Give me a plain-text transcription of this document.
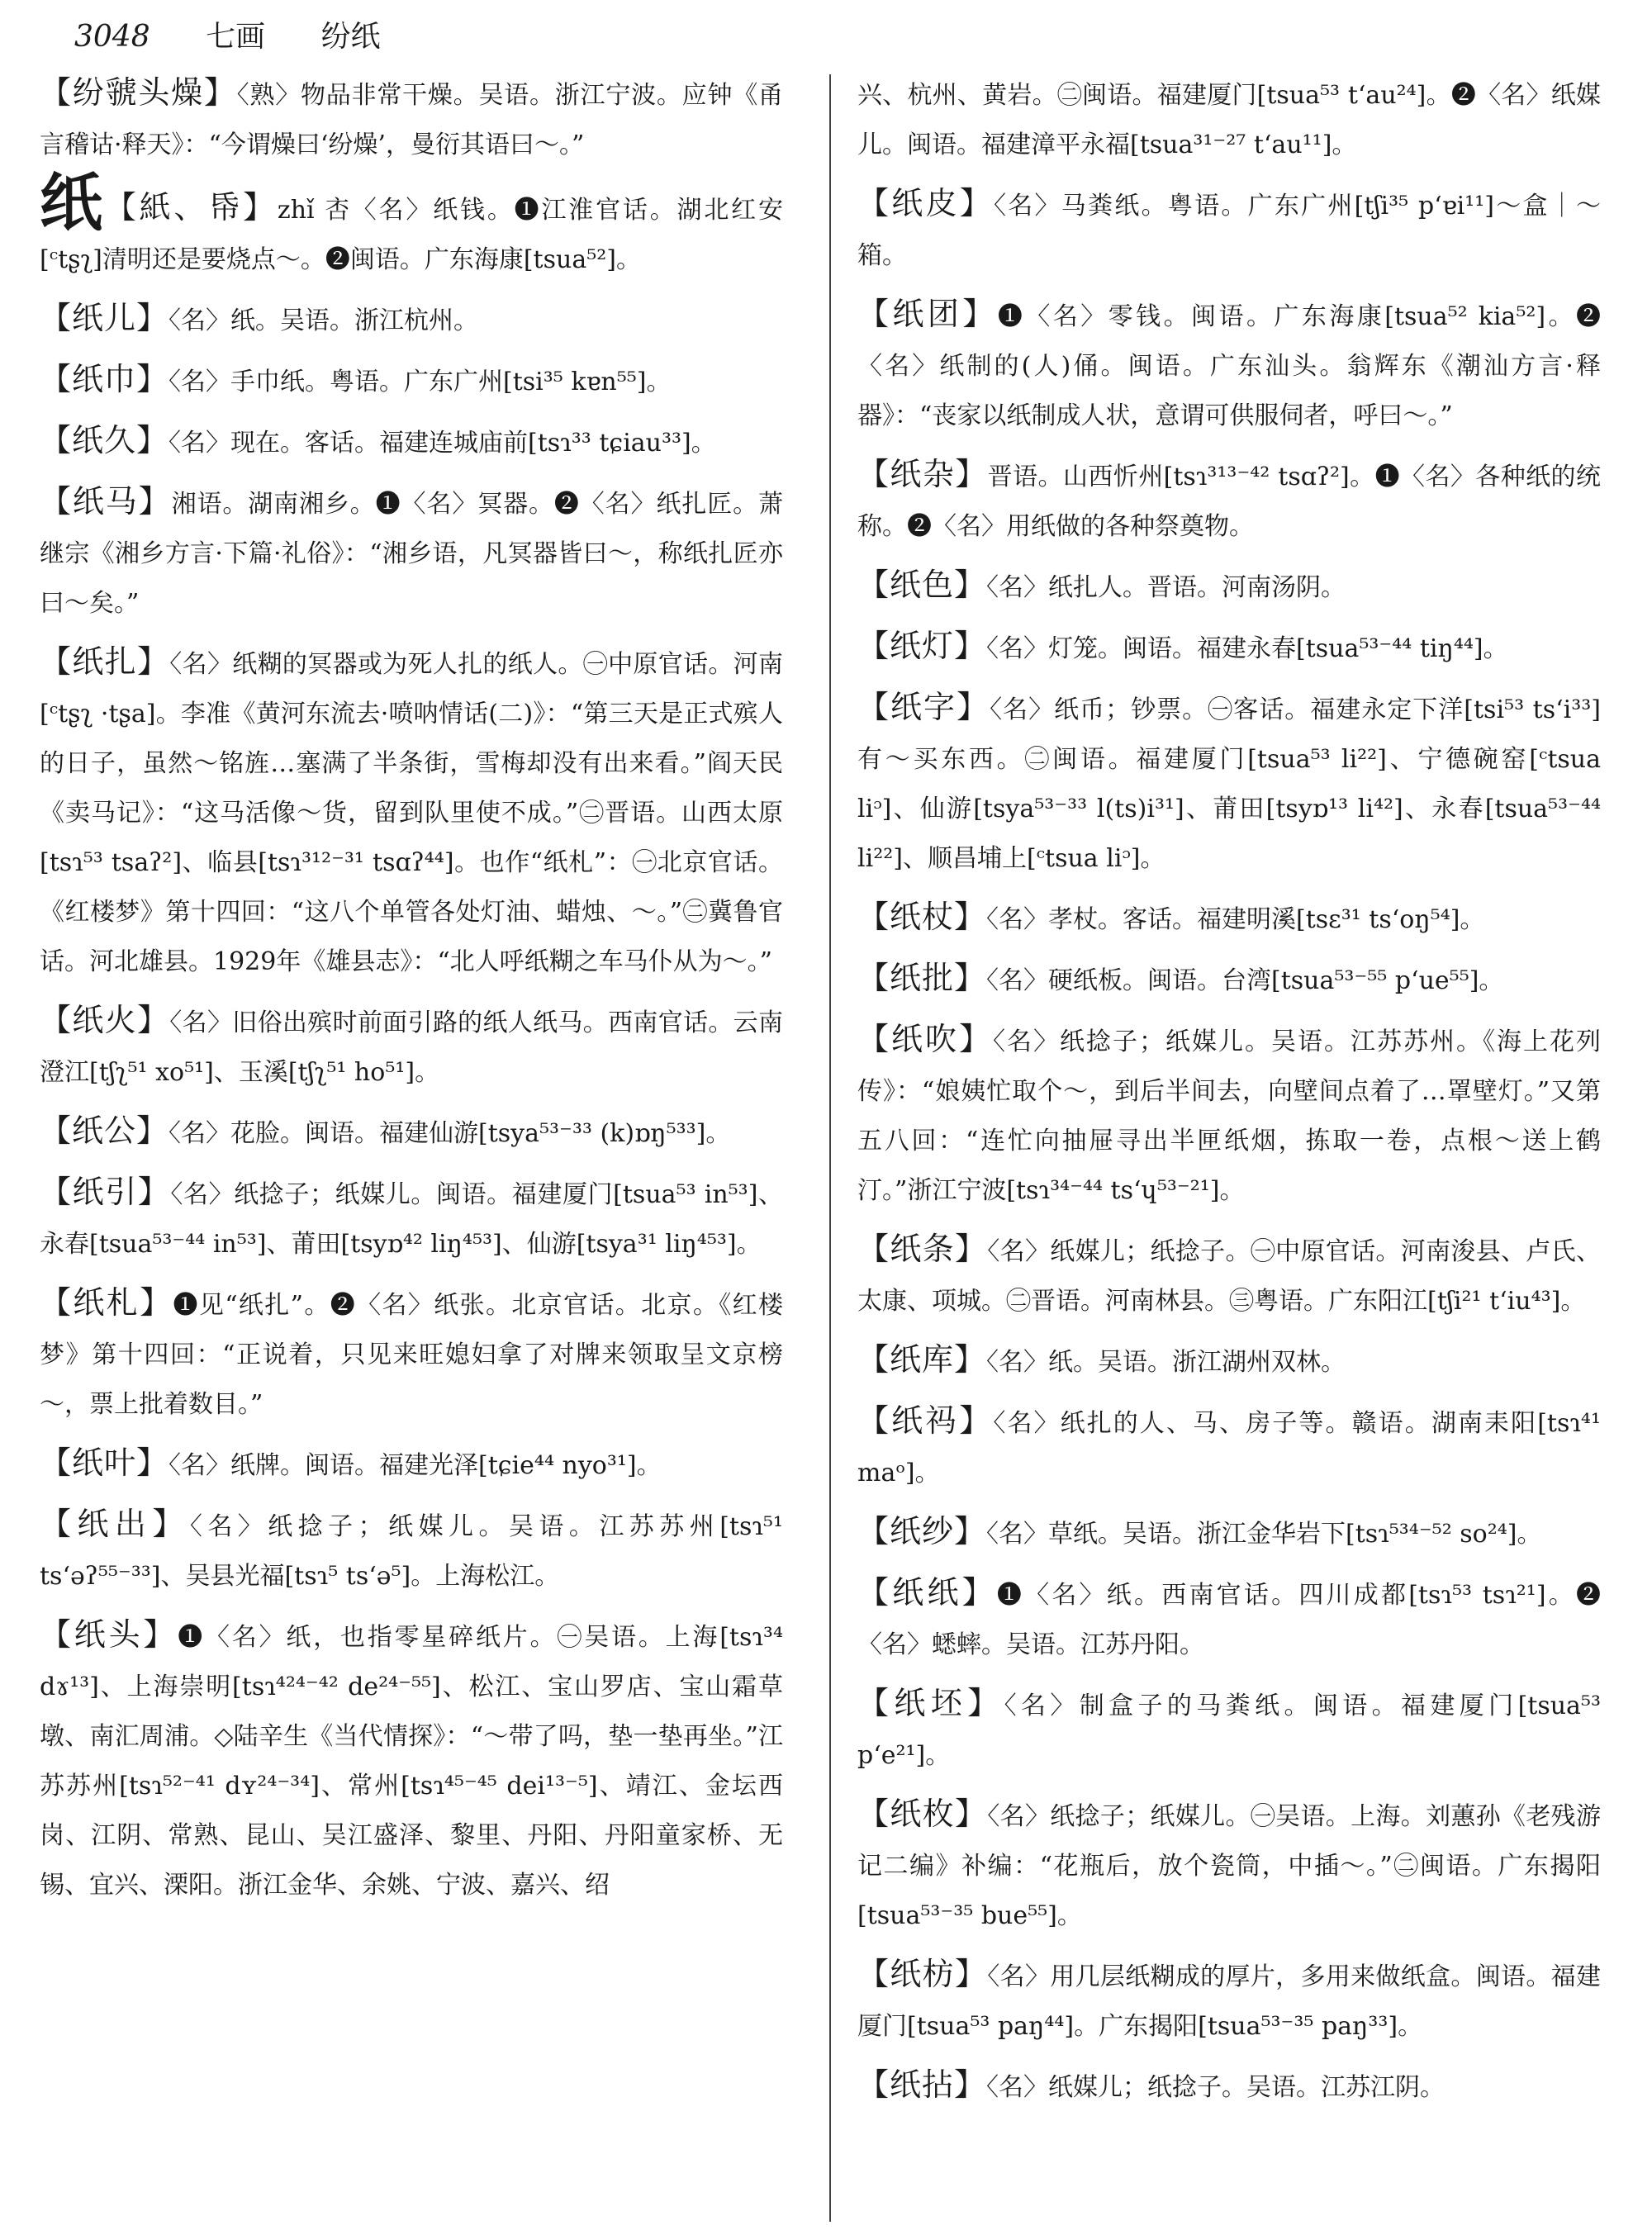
3048 七画 纷纸
【纷虢头燥】〈熟〉物品非常干燥。吴语。浙江宁波。应钟《甬言稽诂·释天》：“今谓燥曰‘纷燥’，曼衍其语曰～。”
纸【紙、帋】zhǐ 㕻〈名〉纸钱。❶江淮官话。湖北红安[ᶜtʂʅ]清明还是要烧点～。❷闽语。广东海康[tsua⁵²]。
【纸儿】〈名〉纸。吴语。浙江杭州。
【纸巾】〈名〉手巾纸。粤语。广东广州[tsi³⁵ kɐn⁵⁵]。
【纸久】〈名〉现在。客话。福建连城庙前[tsɿ³³ tɕiau³³]。
【纸马】湘语。湖南湘乡。❶〈名〉冥器。❷〈名〉纸扎匠。萧继宗《湘乡方言·下篇·礼俗》：“湘乡语，凡冥器皆曰～，称纸扎匠亦曰～矣。”
【纸扎】〈名〉纸糊的冥器或为死人扎的纸人。㊀中原官话。河南[ᶜtʂʅ ·tʂa]。李准《黄河东流去·喷呐情话(二)》：“第三天是正式殡人的日子，虽然～铭旌…塞满了半条街，雪梅却没有出来看。”阎天民《卖马记》：“这马活像～货，留到队里使不成。”㊁晋语。山西太原[tsɿ⁵³ tsaʔ²]、临县[tsɿ³¹²⁻³¹ tsɑʔ⁴⁴]。也作“纸札”：㊀北京官话。《红楼梦》第十四回：“这八个单管各处灯油、蜡烛、～。”㊁冀鲁官话。河北雄县。1929年《雄县志》：“北人呼纸糊之车马仆从为～。”
【纸火】〈名〉旧俗出殡时前面引路的纸人纸马。西南官话。云南澄江[tʃʅ⁵¹ xo⁵¹]、玉溪[tʃʅ⁵¹ ho⁵¹]。
【纸公】〈名〉花脸。闽语。福建仙游[tsya⁵³⁻³³ (k)ɒŋ⁵³³]。
【纸引】〈名〉纸捻子；纸媒儿。闽语。福建厦门[tsua⁵³ in⁵³]、永春[tsua⁵³⁻⁴⁴ in⁵³]、莆田[tsyɒ⁴² liŋ⁴⁵³]、仙游[tsya³¹ liŋ⁴⁵³]。
【纸札】❶见“纸扎”。❷〈名〉纸张。北京官话。北京。《红楼梦》第十四回：“正说着，只见来旺媳妇拿了对牌来领取呈文京榜～，票上批着数目。”
【纸叶】〈名〉纸牌。闽语。福建光泽[tɕie⁴⁴ nyo³¹]。
【纸出】〈名〉纸捻子；纸媒儿。吴语。江苏苏州[tsɿ⁵¹ tsʻəʔ⁵⁵⁻³³]、吴县光福[tsɿ⁵ tsʻə⁵]。上海松江。
【纸头】❶〈名〉纸，也指零星碎纸片。㊀吴语。上海[tsɿ³⁴ dɤ¹³]、上海崇明[tsɿ⁴²⁴⁻⁴² de²⁴⁻⁵⁵]、松江、宝山罗店、宝山霜草墩、南汇周浦。◇陆辛生《当代情探》：“～带了吗，垫一垫再坐。”江苏苏州[tsɿ⁵²⁻⁴¹ dʏ²⁴⁻³⁴]、常州[tsɿ⁴⁵⁻⁴⁵ dei¹³⁻⁵]、靖江、金坛西岗、江阴、常熟、昆山、吴江盛泽、黎里、丹阳、丹阳童家桥、无锡、宜兴、溧阳。浙江金华、余姚、宁波、嘉兴、绍
兴、杭州、黄岩。㊁闽语。福建厦门[tsua⁵³ tʻau²⁴]。❷〈名〉纸媒儿。闽语。福建漳平永福[tsua³¹⁻²⁷ tʻau¹¹]。
【纸皮】〈名〉马粪纸。粤语。广东广州[tʃi³⁵ pʻɐi¹¹]～盒｜～箱。
【纸团】❶〈名〉零钱。闽语。广东海康[tsua⁵² kia⁵²]。❷〈名〉纸制的(人)俑。闽语。广东汕头。翁辉东《潮汕方言·释器》：“丧家以纸制成人状，意谓可供服伺者，呼曰～。”
【纸杂】晋语。山西忻州[tsɿ³¹³⁻⁴² tsɑʔ²]。❶〈名〉各种纸的统称。❷〈名〉用纸做的各种祭奠物。
【纸色】〈名〉纸扎人。晋语。河南汤阴。
【纸灯】〈名〉灯笼。闽语。福建永春[tsua⁵³⁻⁴⁴ tiŋ⁴⁴]。
【纸字】〈名〉纸币；钞票。㊀客话。福建永定下洋[tsi⁵³ tsʻi³³]有～买东西。㊁闽语。福建厦门[tsua⁵³ li²²]、宁德碗窑[ᶜtsua liᵓ]、仙游[tsya⁵³⁻³³ l(ts)i³¹]、莆田[tsyɒ¹³ li⁴²]、永春[tsua⁵³⁻⁴⁴ li²²]、顺昌埔上[ᶜtsua liᵓ]。
【纸杖】〈名〉孝杖。客话。福建明溪[tsɛ³¹ tsʻoŋ⁵⁴]。
【纸批】〈名〉硬纸板。闽语。台湾[tsua⁵³⁻⁵⁵ pʻue⁵⁵]。
【纸吹】〈名〉纸捻子；纸媒儿。吴语。江苏苏州。《海上花列传》：“娘姨忙取个～，到后半间去，向壁间点着了…罩壁灯。”又第五八回：“连忙向抽屉寻出半匣纸烟，拣取一卷，点根～送上鹤汀。”浙江宁波[tsɿ³⁴⁻⁴⁴ tsʻɥ⁵³⁻²¹]。
【纸条】〈名〉纸媒儿；纸捻子。㊀中原官话。河南浚县、卢氏、太康、项城。㊁晋语。河南林县。㊂粤语。广东阳江[tʃi²¹ tʻiu⁴³]。
【纸库】〈名〉纸。吴语。浙江湖州双林。
【纸祃】〈名〉纸扎的人、马、房子等。赣语。湖南耒阳[tsɿ⁴¹ maᵒ]。
【纸纱】〈名〉草纸。吴语。浙江金华岩下[tsɿ⁵³⁴⁻⁵² so²⁴]。
【纸纸】❶〈名〉纸。西南官话。四川成都[tsɿ⁵³ tsɿ²¹]。❷〈名〉蟋蟀。吴语。江苏丹阳。
【纸坯】〈名〉制盒子的马粪纸。闽语。福建厦门[tsua⁵³ pʻe²¹]。
【纸枚】〈名〉纸捻子；纸媒儿。㊀吴语。上海。刘蕙孙《老残游记二编》补编：“花瓶后，放个瓷筒，中插～。”㊁闽语。广东揭阳[tsua⁵³⁻³⁵ bue⁵⁵]。
【纸枋】〈名〉用几层纸糊成的厚片，多用来做纸盒。闽语。福建厦门[tsua⁵³ paŋ⁴⁴]。广东揭阳[tsua⁵³⁻³⁵ paŋ³³]。
【纸拈】〈名〉纸媒儿；纸捻子。吴语。江苏江阴。
